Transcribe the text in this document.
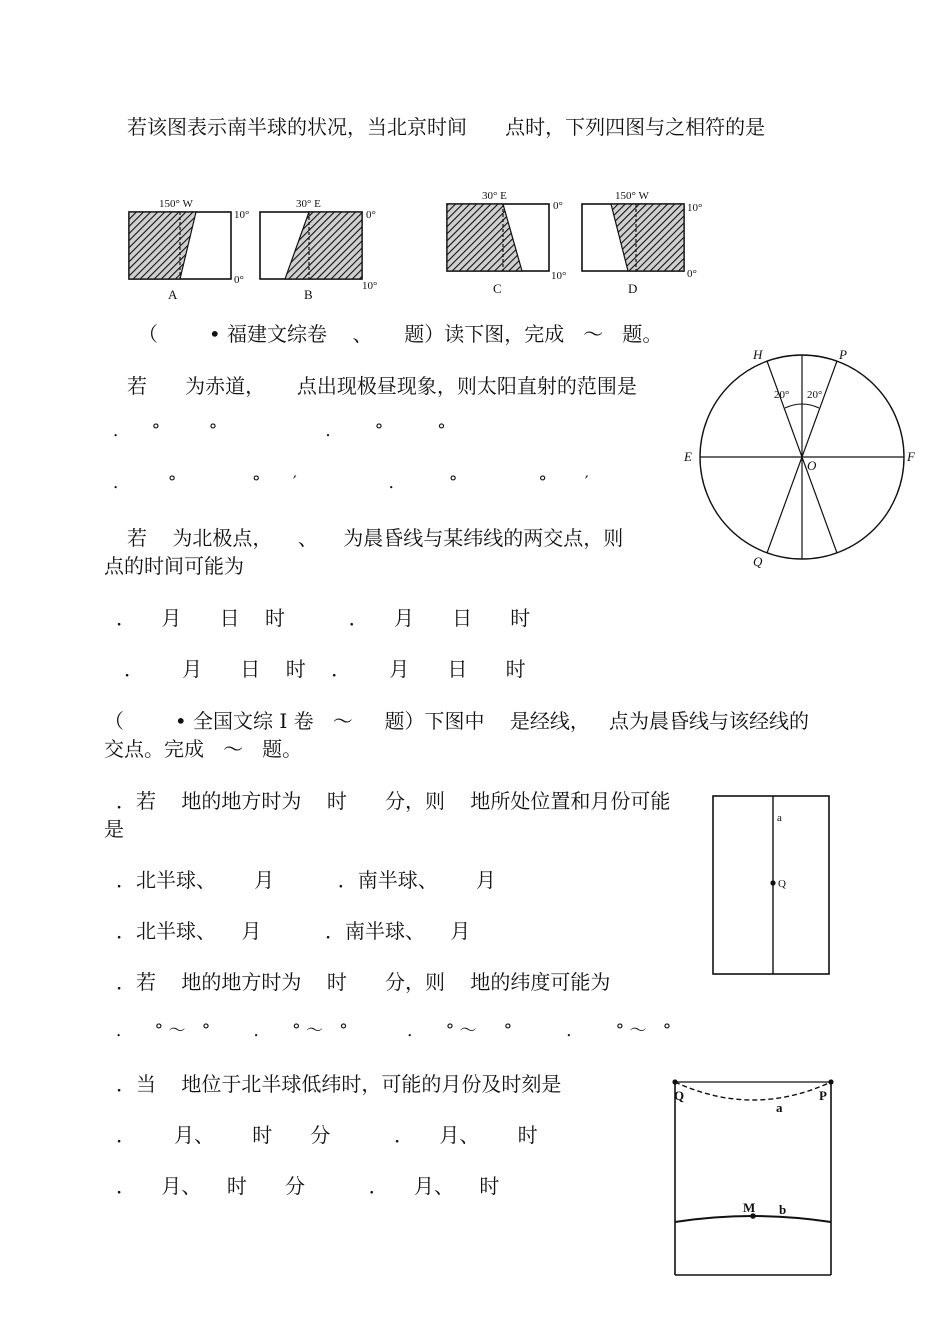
若该图表示南半球的状况，当北京时间      点时，下列四图与之相符的是
150° W
10°
0°
A
30° E
0°
10°
B
30° E
0°
10°
C
150° W
10°
0°
D
（        • 福建文综卷    、     题）读下图，完成   ～   题。
若      为赤道，     点出现极昼现象，则太阳直射的范围是
．    °         °                    ．      °          °
．       °              °      ′                 ．        °               °       ′
20° 20°
H	P
E	F
O
Q
若    为北极点，    、    为晨昏线与某纬线的两交点，则
点的时间可能为
．    月      日    时          ．    月      日      时
．      月      日    时    ．      月      日      时
（        • 全国文综 I 卷   ～     题）下图中    是经线，   点为晨昏线与该经线的
交点。完成   ～   题。
a
Q
．若    地的地方时为    时      分，则    地所处位置和月份可能
是
．北半球、      月          ．南半球、      月
．北半球、    月          ．南半球、    月
．若    地的地方时为    时      分，则    地的纬度可能为
．    ° ～   °        ．    ° ～   °           ．    ° ～     °          ．      ° ～   °
．当    地位于北半球低纬时，可能的月份及时刻是
．      月、      时      分          ．    月、      时
．    月、    时      分          ．    月、    时
Q	P
a
M b
